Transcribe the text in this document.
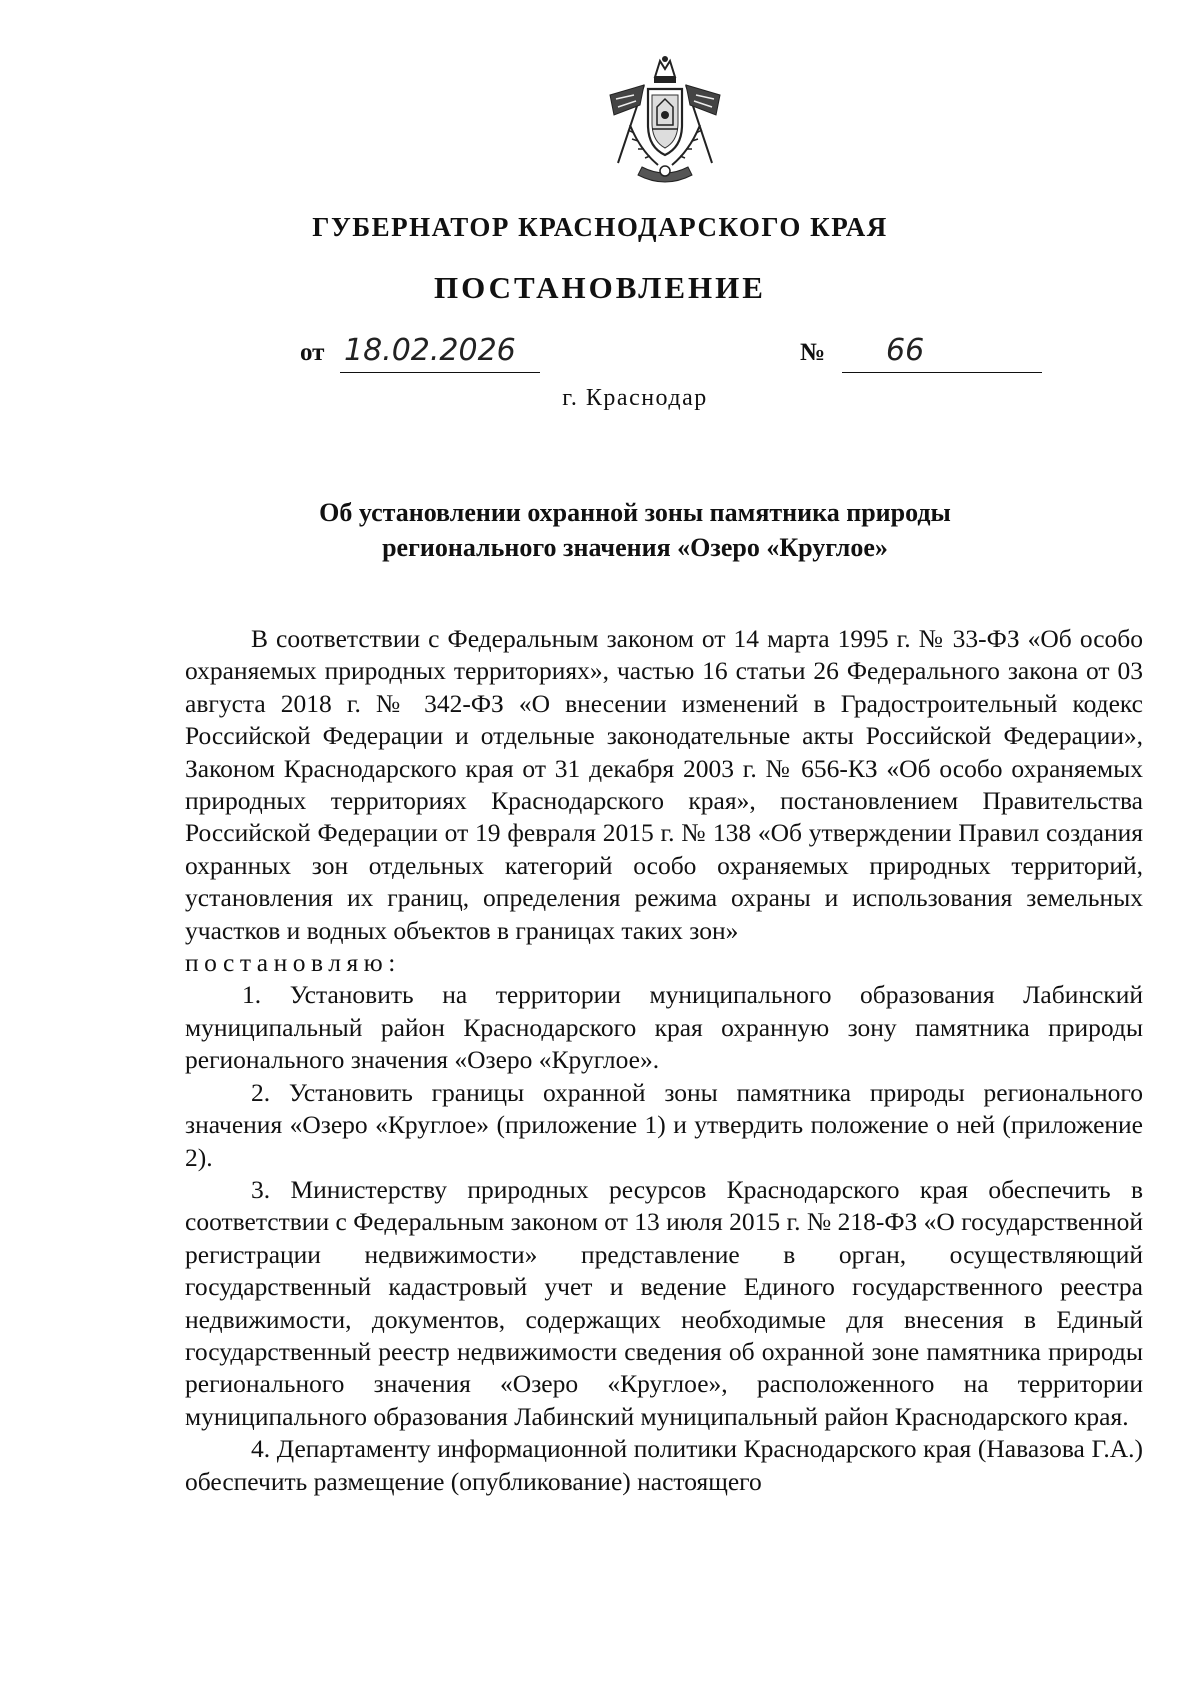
ГУБЕРНАТОР КРАСНОДАРСКОГО КРАЯ
ПОСТАНОВЛЕНИЕ
от 18.02.2026	№	66
г. Краснодар
Об установлении охранной зоны памятника природы
регионального значения «Озеро «Круглое»

В соответствии с Федеральным законом от 14 марта 1995 г. № 33-ФЗ «Об особо охраняемых природных территориях», частью 16 статьи 26 Федерального закона от 03 августа 2018 г. № 342-ФЗ «О внесении изменений в Градостроительный кодекс Российской Федерации и отдельные законодательные акты Российской Федерации», Законом Краснодарского края от 31 декабря 2003 г. № 656-КЗ «Об особо охраняемых природных территориях Краснодарского края», постановлением Правительства Российской Федерации от 19 февраля 2015 г. № 138 «Об утверждении Правил создания охранных зон отдельных категорий особо охраняемых природных территорий, установления их границ, определения режима охраны и использования земельных участков и водных объектов в границах таких зон»

постановляю:

1. Установить на территории муниципального образования Лабинский муниципальный район Краснодарского края охранную зону памятника природы регионального значения «Озеро «Круглое».

2. Установить границы охранной зоны памятника природы регионального значения «Озеро «Круглое» (приложение 1) и утвердить положение о ней (приложение 2).

3. Министерству природных ресурсов Краснодарского края обеспечить в соответствии с Федеральным законом от 13 июля 2015 г. № 218-ФЗ «О государственной регистрации недвижимости» представление в орган, осуществляющий государственный кадастровый учет и ведение Единого государственного реестра недвижимости, документов, содержащих необходимые для внесения в Единый государственный реестр недвижимости сведения об охранной зоне памятника природы регионального значения «Озеро «Круглое», расположенного на территории муниципального образования Лабинский муниципальный район Краснодарского края.

4. Департаменту информационной политики Краснодарского края (Навазова Г.А.) обеспечить размещение (опубликование) настоящего
